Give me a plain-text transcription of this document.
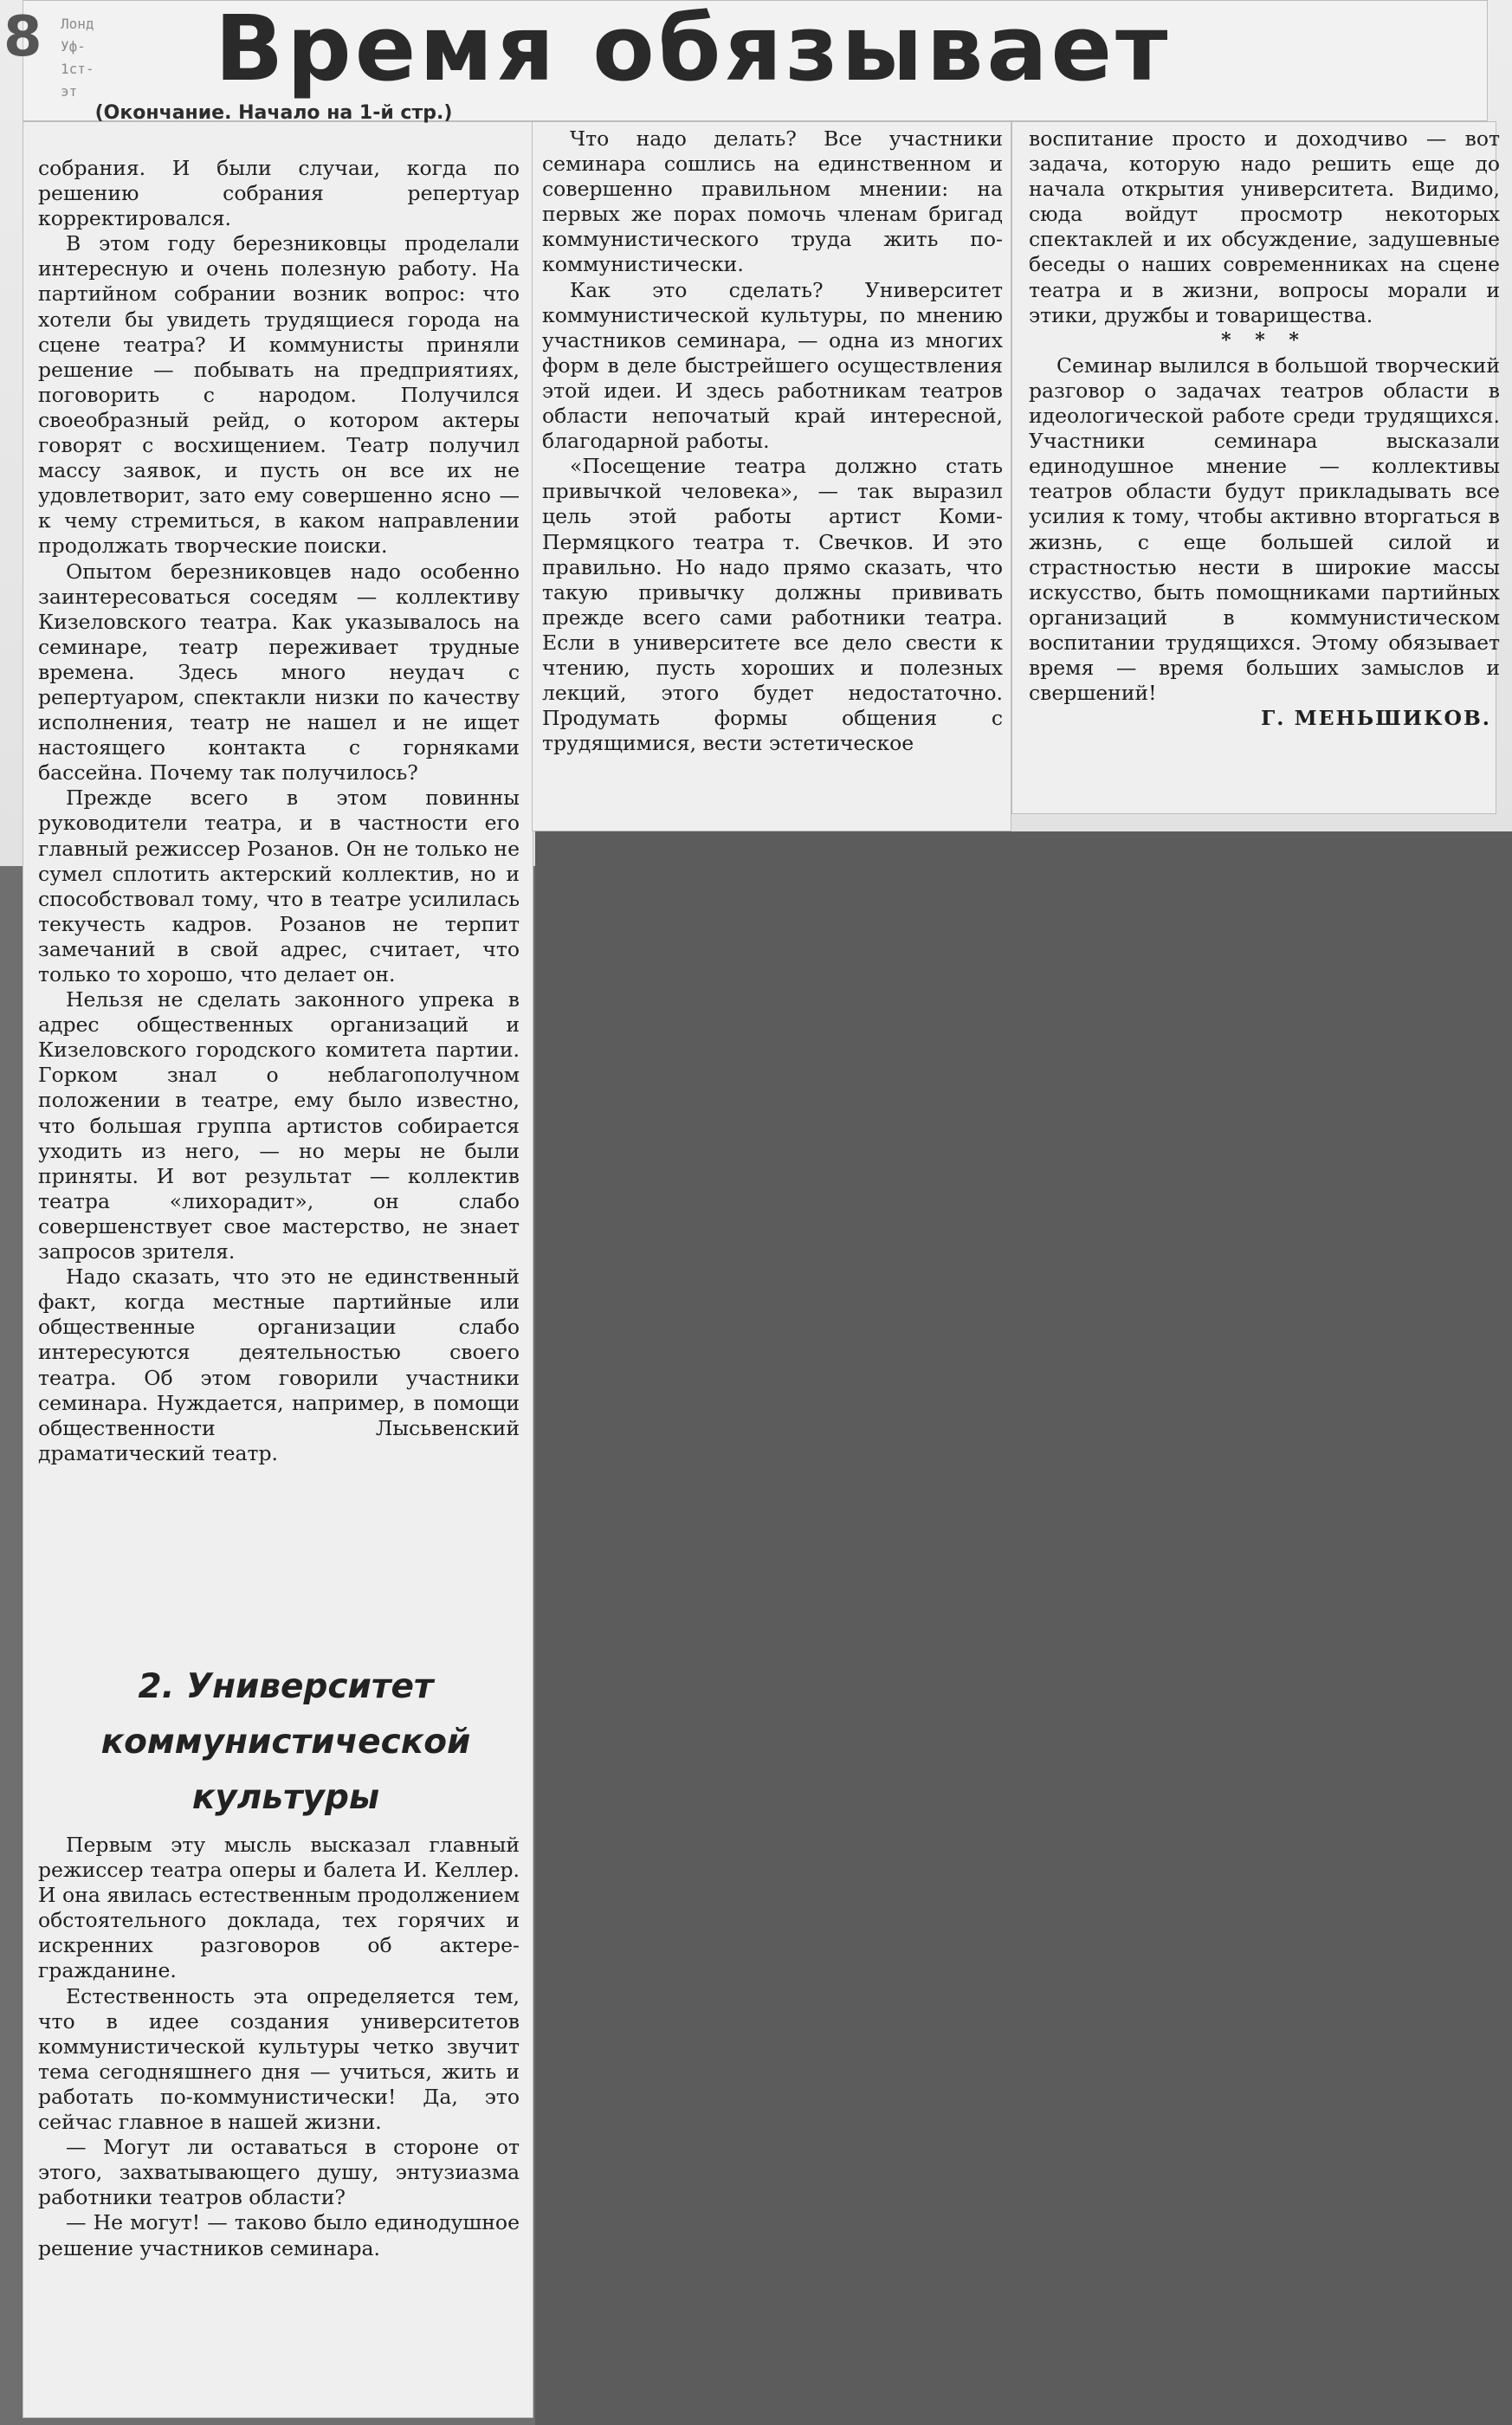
8 Лонд
Уф-
1ст-
эт Время обязывает
(Окончание. Начало на 1-й стр.)

собрания. И были случаи, когда по решению собрания репертуар корректировался.

В этом году березниковцы проделали интересную и очень полезную работу. На партийном собрании возник вопрос: что хотели бы увидеть трудящиеся города на сцене театра? И коммунисты приняли решение — побывать на предприятиях, поговорить с народом. Получился своеобразный рейд, о котором актеры говорят с восхищением. Театр получил массу заявок, и пусть он все их не удовлетворит, зато ему совершенно ясно — к чему стремиться, в каком направлении продолжать творческие поиски.

Опытом березниковцев надо особенно заинтересоваться соседям — коллективу Кизеловского театра. Как указывалось на семинаре, театр переживает трудные времена. Здесь много неудач с репертуаром, спектакли низки по качеству исполнения, театр не нашел и не ищет настоящего контакта с горняками бассейна. Почему так получилось?

Прежде всего в этом повинны руководители театра, и в частности его главный режиссер Розанов. Он не только не сумел сплотить актерский коллектив, но и способствовал тому, что в театре усилилась текучесть кадров. Розанов не терпит замечаний в свой адрес, считает, что только то хорошо, что делает он.

Нельзя не сделать законного упрека в адрес общественных организаций и Кизеловского городского комитета партии. Горком знал о неблагополучном положении в театре, ему было известно, что большая группа артистов собирается уходить из него, — но меры не были приняты. И вот результат — коллектив театра «лихорадит», он слабо совершенствует свое мастерство, не знает запросов зрителя.

Надо сказать, что это не единственный факт, когда местные партийные или общественные организации слабо интересуются деятельностью своего театра. Об этом говорили участники семинара. Нуждается, например, в помощи общественности Лысьвенский драматический театр.

2. Университет
коммунистической
культуры

Первым эту мысль высказал главный режиссер театра оперы и балета И. Келлер. И она явилась естественным продолжением обстоятельного доклада, тех горячих и искренних разговоров об актере-гражданине.

Естественность эта определяется тем, что в идее создания университетов коммунистической культуры четко звучит тема сегодняшнего дня — учиться, жить и работать по-коммунистически! Да, это сейчас главное в нашей жизни.

— Могут ли оставаться в стороне от этого, захватывающего душу, энтузиазма работники театров области?

— Не могут! — таково было единодушное решение участников семинара.

Что надо делать? Все участники семинара сошлись на единственном и совершенно правильном мнении: на первых же порах помочь членам бригад коммунистического труда жить по-коммунистически.

Как это сделать? Университет коммунистической культуры, по мнению участников семинара, — одна из многих форм в деле быстрейшего осуществления этой идеи. И здесь работникам театров области непочатый край интересной, благодарной работы.

«Посещение театра должно стать привычкой человека», — так выразил цель этой работы артист Коми-Пермяцкого театра т. Свечков. И это правильно. Но надо прямо сказать, что такую привычку должны прививать прежде всего сами работники театра. Если в университете все дело свести к чтению, пусть хороших и полезных лекций, этого будет недостаточно. Продумать формы общения с трудящимися, вести эстетическое

воспитание просто и доходчиво — вот задача, которую надо решить еще до начала открытия университета. Видимо, сюда войдут просмотр некоторых спектаклей и их обсуждение, задушевные беседы о наших современниках на сцене театра и в жизни, вопросы морали и этики, дружбы и товарищества.

* * *

Семинар вылился в большой творческий разговор о задачах театров области в идеологической работе среди трудящихся. Участники семинара высказали единодушное мнение — коллективы театров области будут прикладывать все усилия к тому, чтобы активно вторгаться в жизнь, с еще большей силой и страстностью нести в широкие массы искусство, быть помощниками партийных организаций в коммунистическом воспитании трудящихся. Этому обязывает время — время больших замыслов и свершений!

Г. МЕНЬШИКОВ.
